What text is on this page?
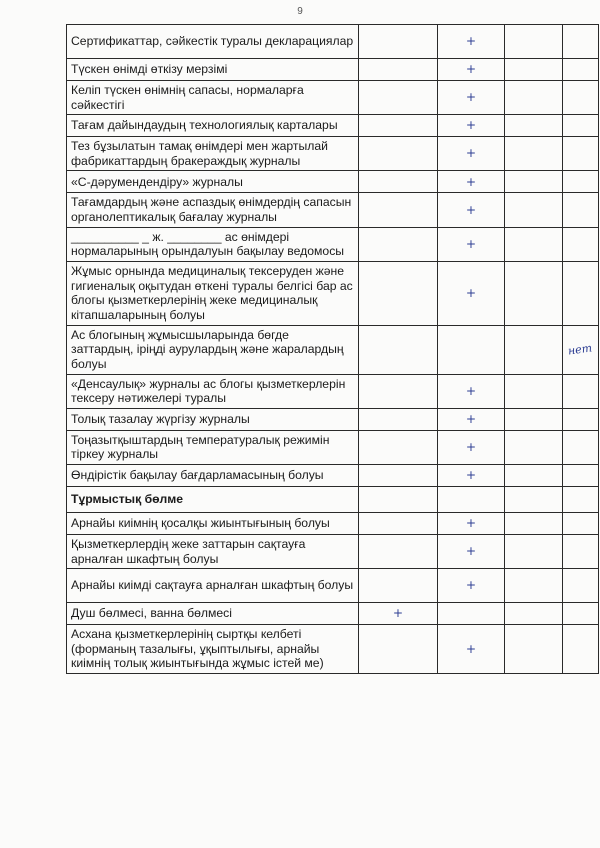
9
Сертификаттар, сәйкестік туралы декларациялар		+		
Түскен өнімді өткізу мерзімі		+		
Келіп түскен өнімнің сапасы, нормаларға сәйкестігі		+		
Тағам дайындаудың технологиялық карталары		+		
Тез бұзылатын тамақ өнімдері мен жартылай фабрикаттардың бракераждық журналы		+		
«С-дәрумендендіру» журналы		+		
Тағамдардың және аспаздық өнімдердің сапасын органолептикалық бағалау журналы		+		
__________ _ ж. ________ ас өнімдері нормаларының орындалуын бақылау ведомосы		+		
Жұмыс орнында медициналық тексеруден және гигиеналық оқытудан өткені туралы белгісі бар ас блогы қызметкерлерінің жеке медициналық кітапшаларының болуы		+		
Ас блогының жұмысшыларында бөгде заттардың, іріңді аурулардың және жаралардың болуы				нет
«Денсаулық» журналы ас блогы қызметкерлерін тексеру нәтижелері туралы		+		
Толық тазалау жүргізу журналы		+		
Тоңазытқыштардың температуралық режимін тіркеу журналы		+		
Өндірістік бақылау бағдарламасының болуы		+		
Тұрмыстық бөлме				
Арнайы киімнің қосалқы жиынтығының болуы		+		
Қызметкерлердің жеке заттарын сақтауға арналған шкафтың болуы		+		
Арнайы киімді сақтауға арналған шкафтың болуы		+		
Душ бөлмесі, ванна бөлмесі	+			
Асхана қызметкерлерінің сыртқы келбеті (форманың тазалығы, ұқыптылығы, арнайы киімнің толық жиынтығында жұмыс істей ме)		+		
